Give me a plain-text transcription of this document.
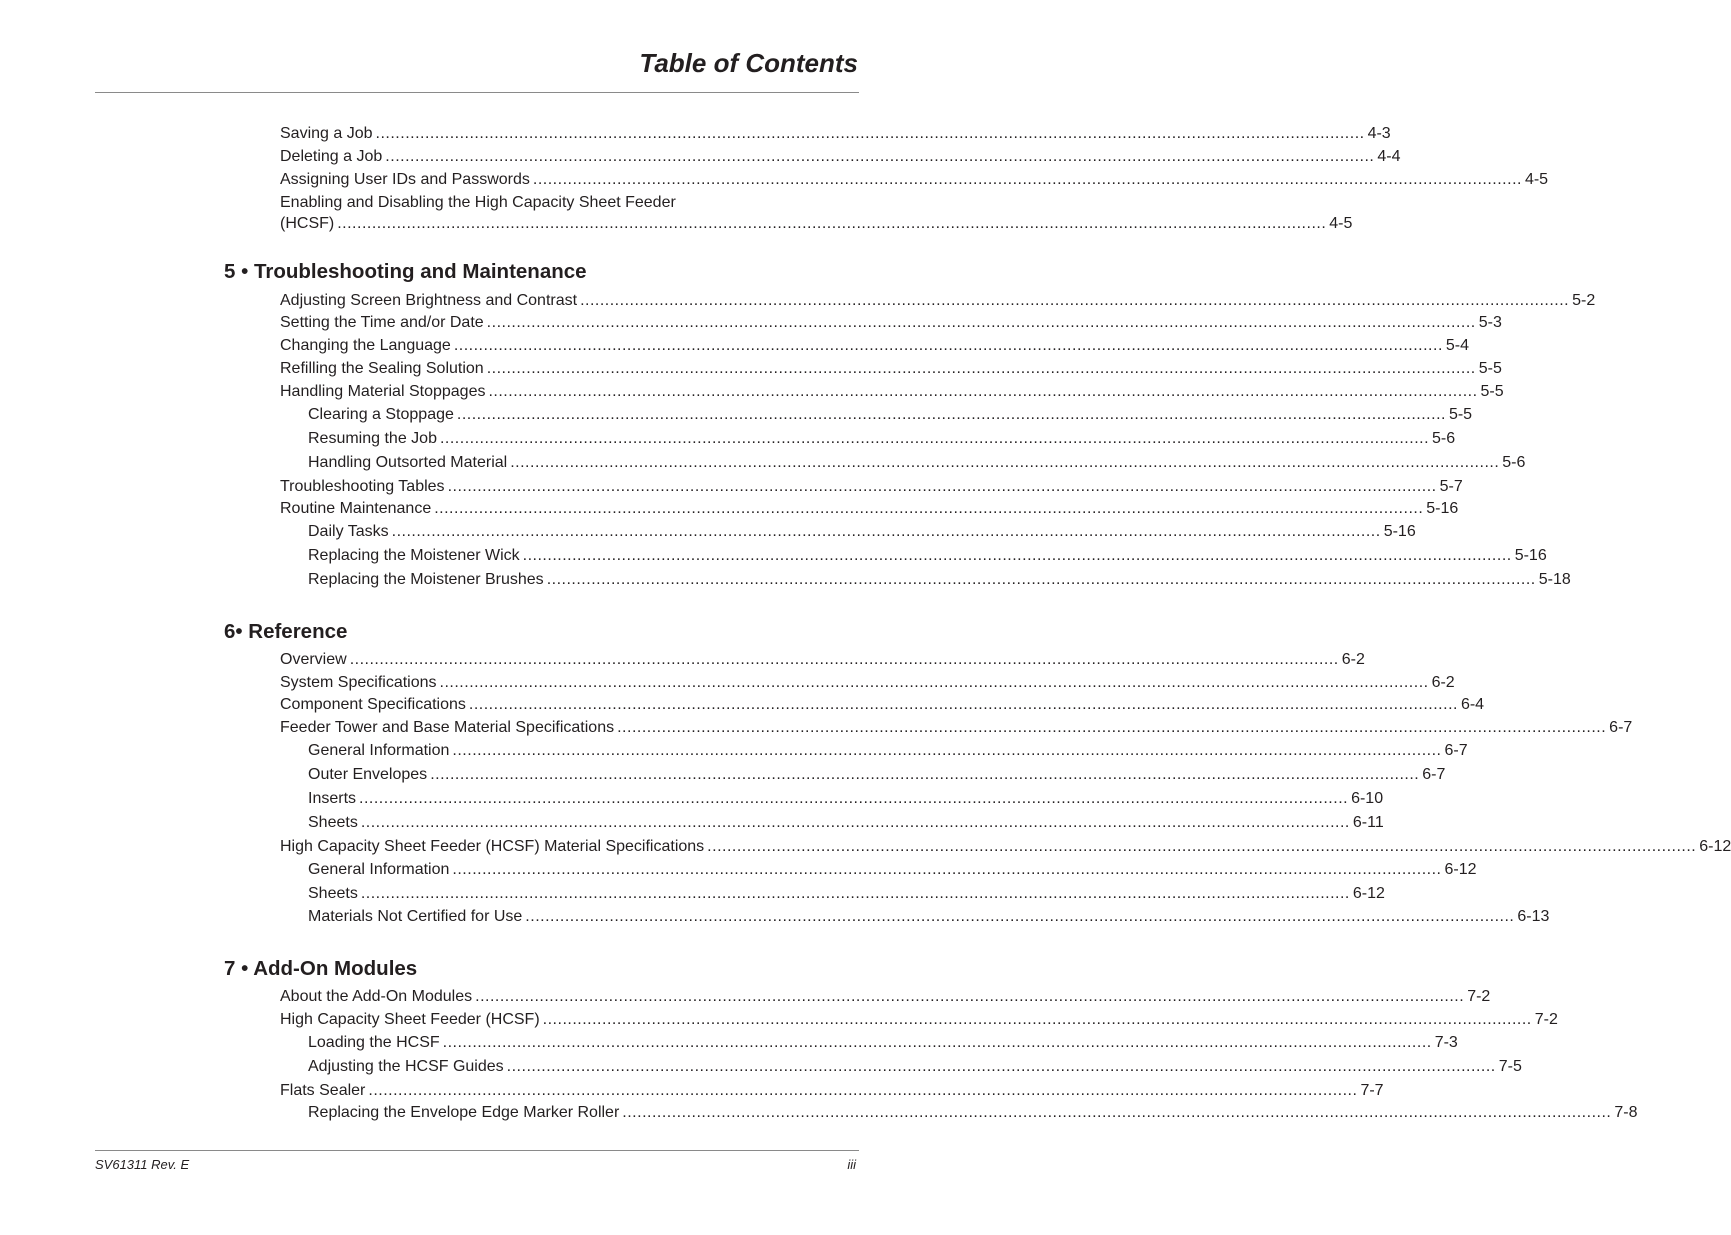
Table of Contents
Saving a Job ........................................................................................................................................................................................................ 4-3
Deleting a Job ........................................................................................................................................................................................................ 4-4
Assigning User IDs and Passwords ........................................................................................................................................................................................................ 4-5
Enabling and Disabling the High Capacity Sheet Feeder
(HCSF) ........................................................................................................................................................................................................ 4-5
5 • Troubleshooting and Maintenance
Adjusting Screen Brightness and Contrast ........................................................................................................................................................................................................ 5-2
Setting the Time and/or Date ........................................................................................................................................................................................................ 5-3
Changing the Language ........................................................................................................................................................................................................ 5-4
Refilling the Sealing Solution ........................................................................................................................................................................................................ 5-5
Handling Material Stoppages ........................................................................................................................................................................................................ 5-5
Clearing a Stoppage ........................................................................................................................................................................................................ 5-5
Resuming the Job ........................................................................................................................................................................................................ 5-6
Handling Outsorted Material ........................................................................................................................................................................................................ 5-6
Troubleshooting Tables ........................................................................................................................................................................................................ 5-7
Routine Maintenance ........................................................................................................................................................................................................ 5-16
Daily Tasks ........................................................................................................................................................................................................ 5-16
Replacing the Moistener Wick ........................................................................................................................................................................................................ 5-16
Replacing the Moistener Brushes ........................................................................................................................................................................................................ 5-18
6• Reference
Overview ........................................................................................................................................................................................................ 6-2
System Specifications ........................................................................................................................................................................................................ 6-2
Component Specifications ........................................................................................................................................................................................................ 6-4
Feeder Tower and Base Material Specifications ........................................................................................................................................................................................................ 6-7
General Information ........................................................................................................................................................................................................ 6-7
Outer Envelopes ........................................................................................................................................................................................................ 6-7
Inserts ........................................................................................................................................................................................................ 6-10
Sheets ........................................................................................................................................................................................................ 6-11
High Capacity Sheet Feeder (HCSF) Material Specifications ........................................................................................................................................................................................................ 6-12
General Information ........................................................................................................................................................................................................ 6-12
Sheets ........................................................................................................................................................................................................ 6-12
Materials Not Certified for Use ........................................................................................................................................................................................................ 6-13
7 • Add-On Modules
About the Add-On Modules ........................................................................................................................................................................................................ 7-2
High Capacity Sheet Feeder (HCSF) ........................................................................................................................................................................................................ 7-2
Loading the HCSF ........................................................................................................................................................................................................ 7-3
Adjusting the HCSF Guides ........................................................................................................................................................................................................ 7-5
Flats Sealer ........................................................................................................................................................................................................ 7-7
Replacing the Envelope Edge Marker Roller ........................................................................................................................................................................................................ 7-8
SV61311 Rev. E	iii
